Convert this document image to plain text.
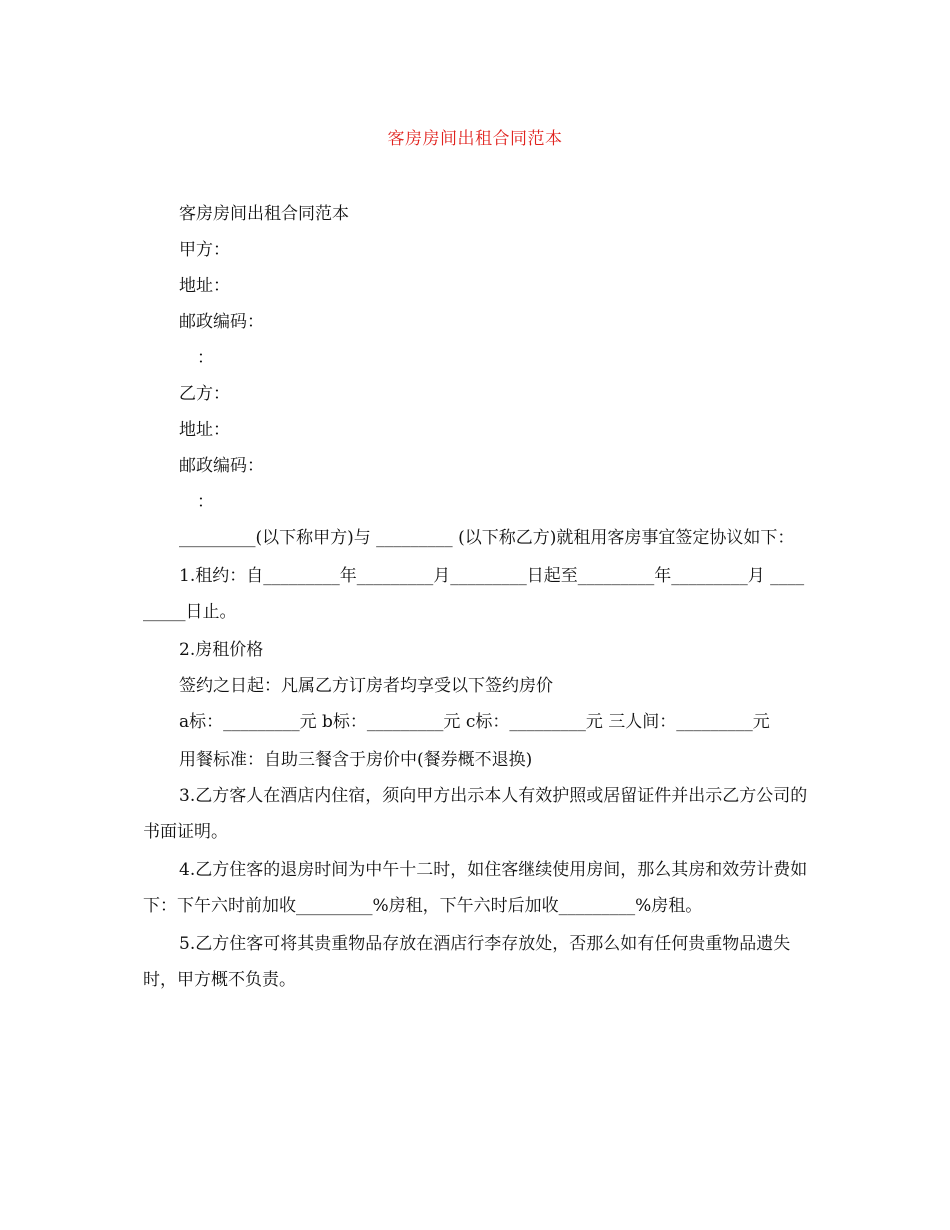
客房房间出租合同范本

客房房间出租合同范本

甲方：

地址：

邮政编码：

：

乙方：

地址：

邮政编码：

：

_________(以下称甲方)与 _________ (以下称乙方)就租用客房事宜签定协议如下：

1.租约：自_________年_________月_________日起至_________年_________月 _________日止。

2.房租价格

签约之日起：凡属乙方订房者均享受以下签约房价

a标：_________元 b标：_________元 c标：_________元 三人间：_________元

用餐标准：自助三餐含于房价中(餐券概不退换)

3.乙方客人在酒店内住宿，须向甲方出示本人有效护照或居留证件并出示乙方公司的书面证明。

4.乙方住客的退房时间为中午十二时，如住客继续使用房间，那么其房和效劳计费如下：下午六时前加收_________%房租，下午六时后加收_________%房租。

5.乙方住客可将其贵重物品存放在酒店行李存放处，否那么如有任何贵重物品遗失时，甲方概不负责。
